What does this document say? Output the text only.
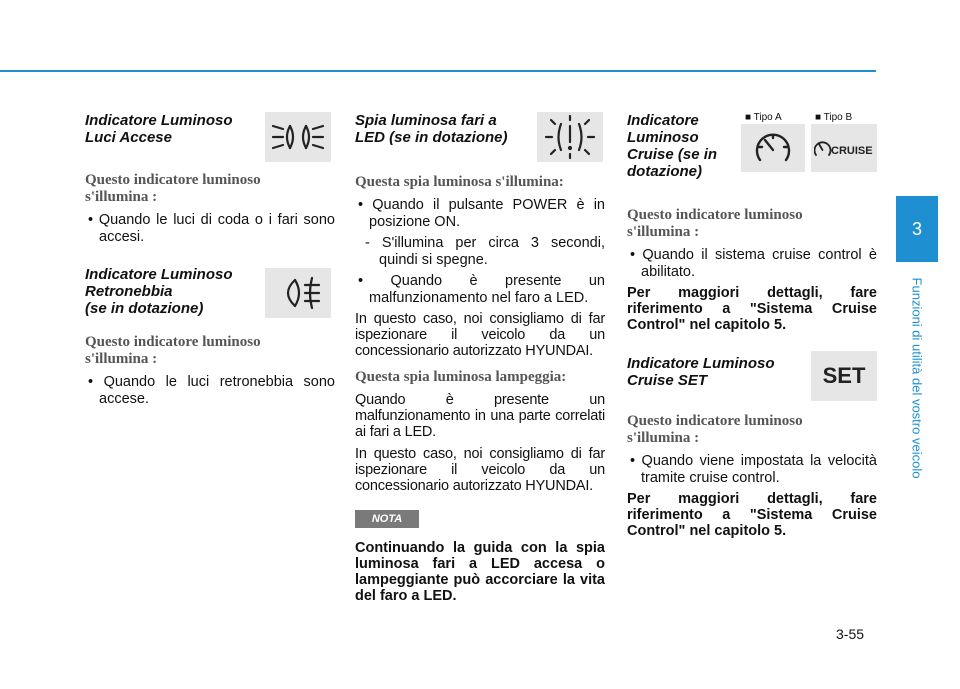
Indicatore Luminoso
Luci Accese

Questo indicatore luminoso
s'illumina :

• Quando le luci di coda o i fari sono accesi.

Indicatore Luminoso
Retronebbia
(se in dotazione)

Questo indicatore luminoso
s'illumina :

• Quando le luci retronebbia sono accese.

Spia luminosa fari a
LED (se in dotazione)

Questa spia luminosa s'illumina:

• Quando il pulsante POWER è in posizione ON.

- S'illumina per circa 3 secondi, quindi si spegne.

• Quando è presente un malfunzionamento nel faro a LED.

In questo caso, noi consigliamo di far ispezionare il veicolo da un concessionario autorizzato HYUNDAI.

Questa spia luminosa lampeggia:

Quando è presente un malfunzionamento in una parte correlati ai fari a LED.

In questo caso, noi consigliamo di far ispezionare il veicolo da un concessionario autorizzato HYUNDAI.

NOTA

Continuando la guida con la spia luminosa fari a LED accesa o lampeggiante può accorciare la vita del faro a LED.

Indicatore
Luminoso
Cruise (se in
dotazione)

CRUISE

Questo indicatore luminoso
s'illumina :

• Quando il sistema cruise control è abilitato.

Per maggiori dettagli, fare riferimento a "Sistema Cruise Control" nel capitolo 5.

Indicatore Luminoso
Cruise SET	SET

Questo indicatore luminoso
s'illumina :

• Quando viene impostata la velocità tramite cruise control.

Per maggiori dettagli, fare riferimento a "Sistema Cruise Control" nel capitolo 5.

■ Tipo A	■ Tipo B
3
Funzioni di utilità del vostro veicolo
3-55
